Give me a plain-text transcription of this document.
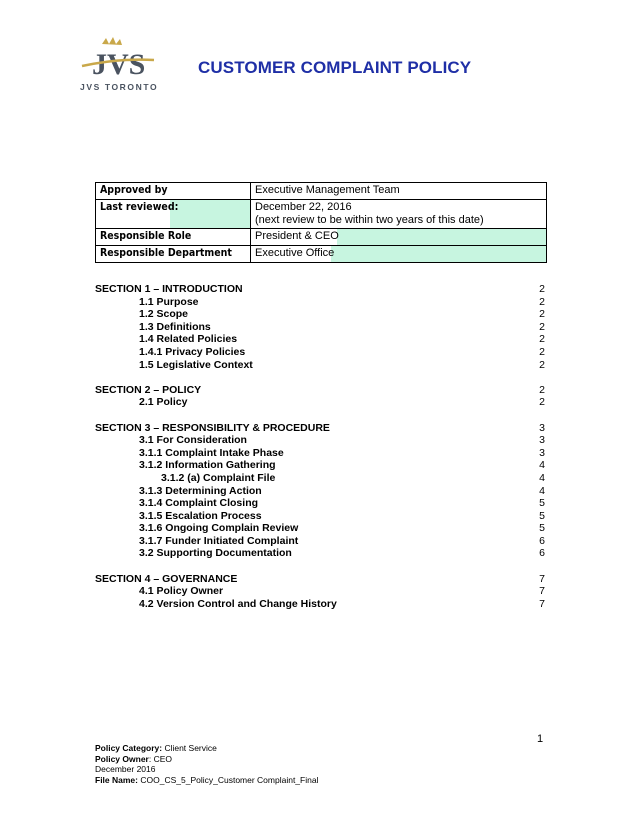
JVS
JVS TORONTO
CUSTOMER COMPLAINT POLICY
Approved by	Executive Management Team

Last reviewed:	December 22, 2016
(next review to be within two years of this date)

Responsible Role	President & CEO
Responsible Department	Executive Office
SECTION 1 – INTRODUCTION	2
1.1 Purpose	2
1.2 Scope	2
1.3 Definitions	2
1.4 Related Policies	2
1.4.1 Privacy Policies	2
1.5 Legislative Context	2
SECTION 2 – POLICY	2
2.1 Policy	2
SECTION 3 – RESPONSIBILITY & PROCEDURE	3
3.1 For Consideration	3
3.1.1 Complaint Intake Phase	3
3.1.2 Information Gathering	4
3.1.2 (a) Complaint File	4
3.1.3 Determining Action	4
3.1.4 Complaint Closing	5
3.1.5 Escalation Process	5
3.1.6 Ongoing Complain Review	5
3.1.7 Funder Initiated Complaint	6
3.2 Supporting Documentation	6
SECTION 4 – GOVERNANCE	7
4.1 Policy Owner	7
4.2 Version Control and Change History	7
1
Policy Category: Client Service
Policy Owner: CEO
December 2016
File Name: COO_CS_5_Policy_Customer Complaint_Final
